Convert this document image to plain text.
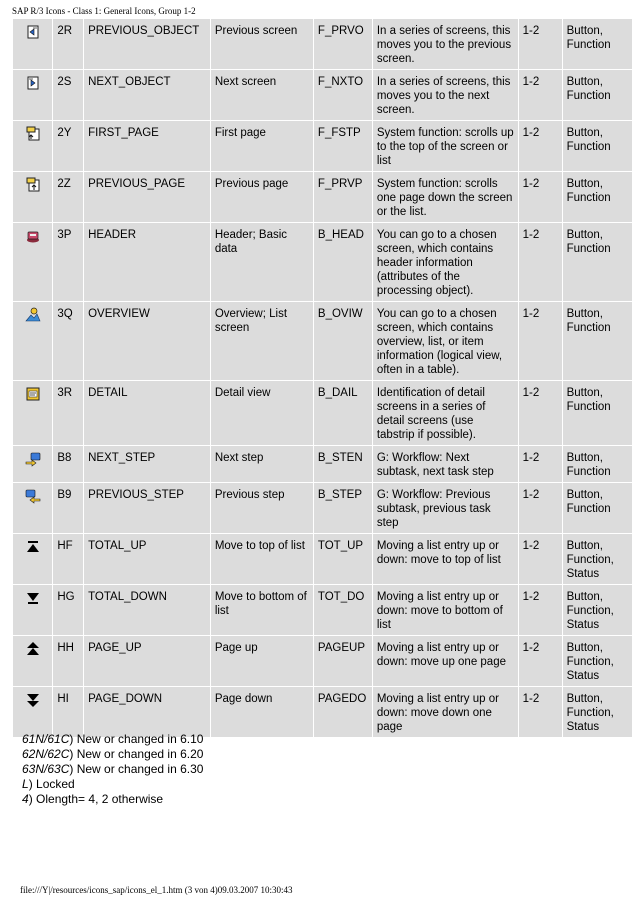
SAP R/3 Icons - Class 1: General Icons, Group 1-2
	2R	PREVIOUS_OBJECT	Previous screen	F_PRVO	In a series of screens, this moves you to the previous screen.	1-2	Button, Function

	2S	NEXT_OBJECT	Next screen	F_NXTO	In a series of screens, this moves you to the next screen.	1-2	Button, Function

	2Y	FIRST_PAGE	First page	F_FSTP	System function: scrolls up to the top of the screen or list	1-2	Button, Function

	2Z	PREVIOUS_PAGE	Previous page	F_PRVP	System function: scrolls one page down the screen or the list.	1-2	Button, Function

	3P	HEADER	Header; Basic data	B_HEAD	You can go to a chosen screen, which contains header information (attributes of the processing object).	1-2	Button, Function

	3Q	OVERVIEW	Overview; List screen	B_OVIW	You can go to a chosen screen, which contains overview, list, or item information (logical view, often in a table).	1-2	Button, Function

	3R	DETAIL	Detail view	B_DAIL	Identification of detail screens in a series of detail screens (use tabstrip if possible).	1-2	Button, Function

	B8	NEXT_STEP	Next step	B_STEN	G: Workflow: Next subtask, next task step	1-2	Button, Function

	B9	PREVIOUS_STEP	Previous step	B_STEP	G: Workflow: Previous subtask, previous task step	1-2	Button, Function

	HF	TOTAL_UP	Move to top of list	TOT_UP	Moving a list entry up or down: move to top of list	1-2	Button, Function, Status

	HG	TOTAL_DOWN	Move to bottom of list	TOT_DO	Moving a list entry up or down: move to bottom of list	1-2	Button, Function, Status

	HH	PAGE_UP	Page up	PAGEUP	Moving a list entry up or down: move up one page	1-2	Button, Function, Status

	HI	PAGE_DOWN	Page down	PAGEDO	Moving a list entry up or down: move down one page	1-2	Button, Function, Status
61N/61C) New or changed in 6.10
62N/62C) New or changed in 6.20
63N/63C) New or changed in 6.30
L) Locked
4) Olength= 4, 2 otherwise
file:///Y|/resources/icons_sap/icons_el_1.htm (3 von 4)09.03.2007 10:30:43
